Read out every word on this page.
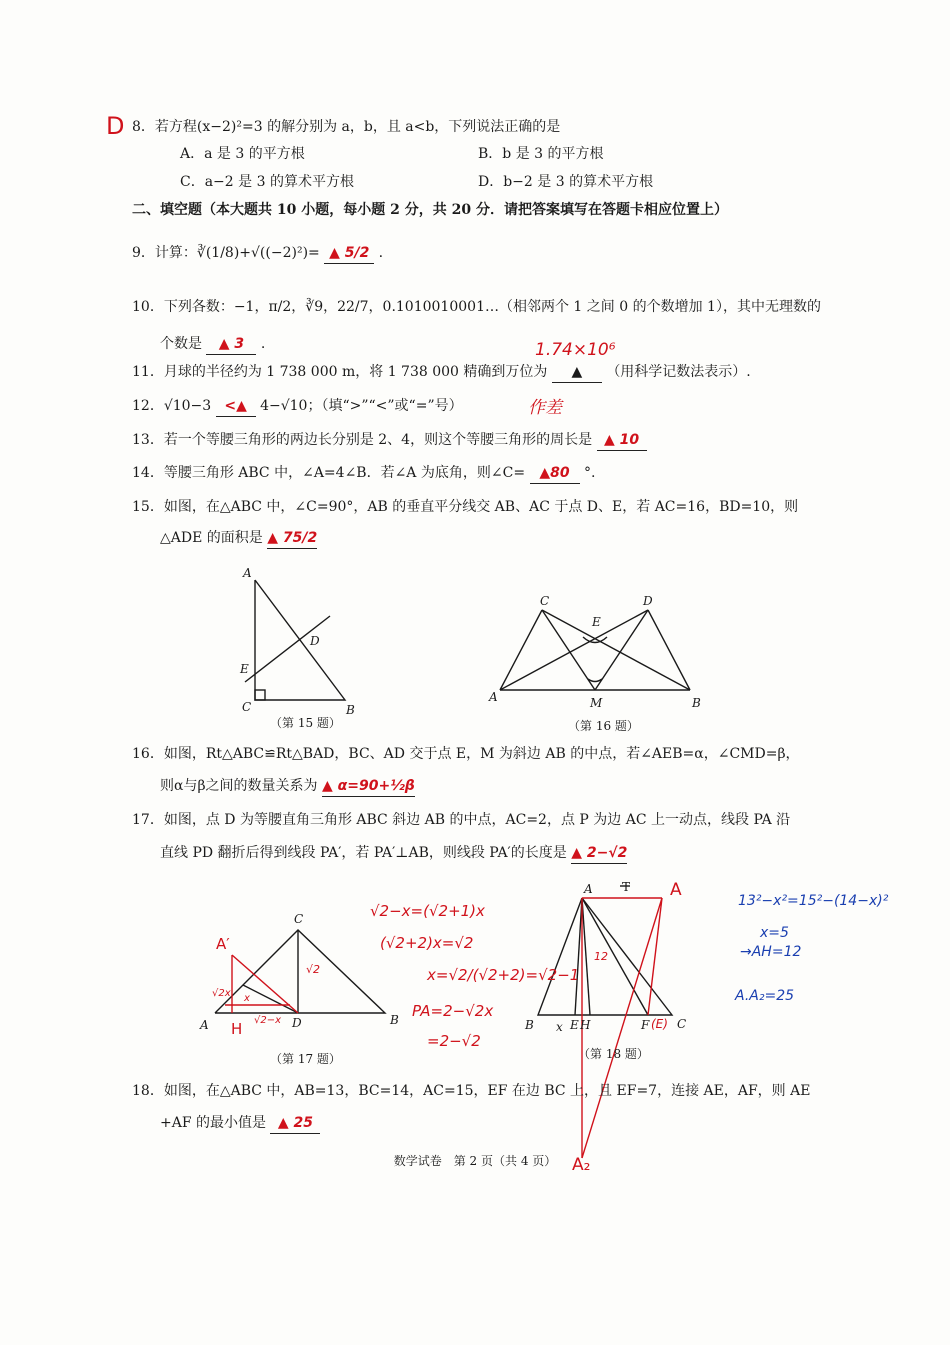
D 8．若方程(x−2)²=3 的解分别为 a，b，且 a<b，下列说法正确的是
A．a 是 3 的平方根	B．b 是 3 的平方根
C．a−2 是 3 的算术平方根	D．b−2 是 3 的算术平方根
二、填空题（本大题共 10 小题，每小题 2 分，共 20 分．请把答案填写在答题卡相应位置上）
9．计算：∛(1/8)+√((−2)²)= ▲ 5/2 .
10．下列各数：−1，π/2，∛9，22/7，0.1010010001…（相邻两个 1 之间 0 的个数增加 1），其中无理数的
个数是 ▲ 3 .	1.74×10⁶
11．月球的半径约为 1 738 000 m，将 1 738 000 精确到万位为 ▲ （用科学记数法表示）.
12．√10−3 <▲ 4−√10；（填“>”“<”或“=”号）	作差
13．若一个等腰三角形的两边长分别是 2、4，则这个等腰三角形的周长是 ▲ 10
14．等腰三角形 ABC 中，∠A=4∠B．若∠A 为底角，则∠C= ▲80 °.
15．如图，在△ABC 中，∠C=90°，AB 的垂直平分线交 AB、AC 于点 D、E，若 AC=16，BD=10，则
△ADE 的面积是 ▲ 75/2
A
D
E
C	B
（第 15 题）
C	D
E
A	M	B
（第 16 题）
16．如图，Rt△ABC≌Rt△BAD，BC、AD 交于点 E，M 为斜边 AB 的中点，若∠AEB=α，∠CMD=β，
则α与β之间的数量关系为 ▲ α=90+½β
17．如图，点 D 为等腰直角三角形 ABC 斜边 AB 的中点，AC=2，点 P 为边 AC 上一动点，线段 PA 沿
直线 PD 翻折后得到线段 PA′，若 PA′⊥AB，则线段 PA′的长度是 ▲ 2−√2
C
A	D	B
A′
H
√2
√2−x
√2x x
（第 17 题）
√2−x=(√2+1)x
(√2+2)x=√2
x=√2/(√2+2)=√2−1
PA=2−√2x
=2−√2
A	A
B x E H	F (E) C
12
T
A₂
（第 18 题）
13²−x²=15²−(14−x)²
x=5
→AH=12
A.A₂=25
18．如图，在△ABC 中，AB=13，BC=14，AC=15，EF 在边 BC 上，且 EF=7，连接 AE，AF，则 AE
+AF 的最小值是 ▲ 25
数学试卷　第 2 页（共 4 页）
